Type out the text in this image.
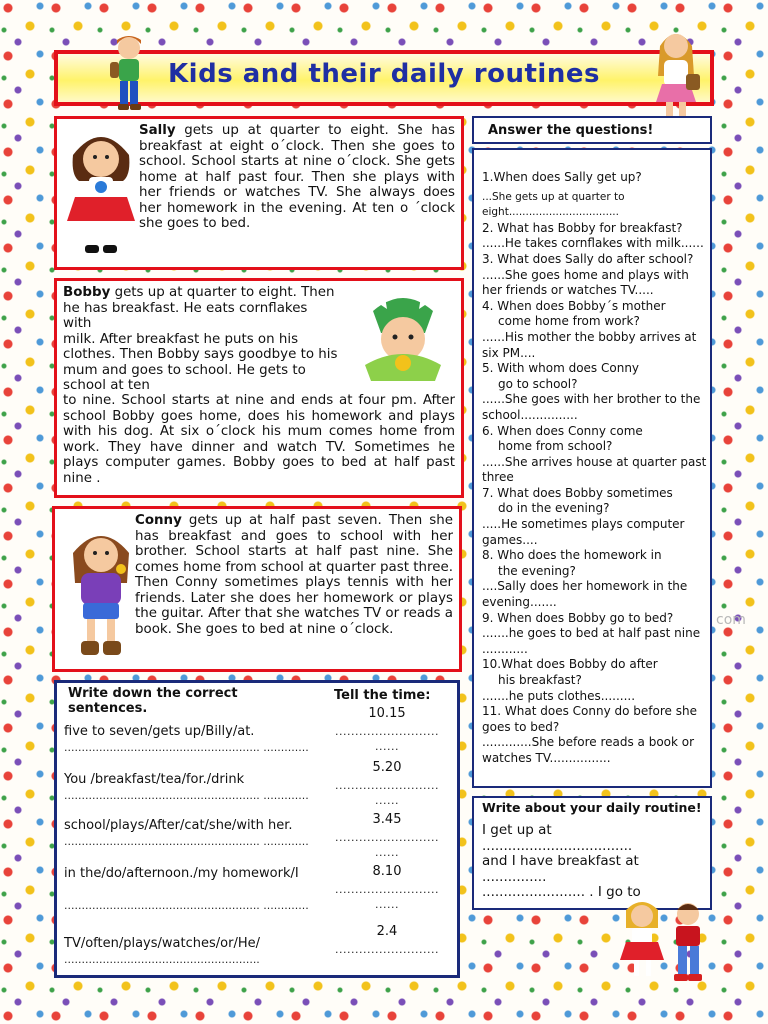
Kids and their daily routines
Sally gets up at quarter to eight. She has breakfast at eight o´clock. Then she goes to school. School starts at nine o´clock. She gets home at half past four. Then she plays with her friends or watches TV. She always does her homework in the evening. At ten o ´clock she goes to bed.
Answer the questions!
1.When does Sally get up?
...She gets up at quarter to eight.................................
2. What has Bobby for breakfast?
......He takes cornflakes with milk......
3. What does Sally do after school?
......She goes home and plays with her friends or watches TV.....
4. When does Bobby´s mother
come home from work?
......His mother the bobby arrives at six PM....
5. With whom does Conny
go to school?
......She goes with her brother to the school...............
6. When does Conny come
home from school?
......She arrives house at quarter past three
7. What does Bobby sometimes
do in the evening?
.....He sometimes plays computer games....
8. Who does the homework in
the evening?
....Sally does her homework in the evening.......
9. When does Bobby go to bed?
.......he goes to bed at half past nine ............
10.What does Bobby do after
his breakfast?
.......he puts clothes.........
11. What does Conny do before she goes to bed?
.............She before reads a book or watches TV................
Bobby gets up at quarter to eight. Then
he has breakfast. He eats cornflakes
with
milk. After breakfast he puts on his
clothes. Then Bobby says goodbye to his
mum and goes to school. He gets to
school at ten
to nine. School starts at nine and ends at four pm. After school Bobby goes home, does his homework and plays with his dog. At six o´clock his mum comes home from work. They have dinner and watch TV. Sometimes he plays computer games. Bobby goes to bed at half past nine .
Conny gets up at half past seven. Then she has breakfast and goes to school with her brother. School starts at half past nine. She comes home from school at quarter past three. Then Conny sometimes plays tennis with her friends. Later she does her homework or plays the guitar. After that she watches TV or reads a book. She goes to bed at nine o´clock.
Write down the correct sentences.
Tell the time:
five to seven/gets up/Billy/at.
........................................................ .............
You /breakfast/tea/for./drink
........................................................ .............
school/plays/After/cat/she/with her.
........................................................ .............
in the/do/afternoon./my homework/I
........................................................ .............
TV/often/plays/watches/or/He/
........................................................
10.15
.......................... ......
5.20
.......................... ......
3.45
.......................... ......
8.10
.......................... ......
2.4
..........................
Write about your daily routine!
I get up at ...................................
and I have breakfast at ...............
........................ . I go to
com
